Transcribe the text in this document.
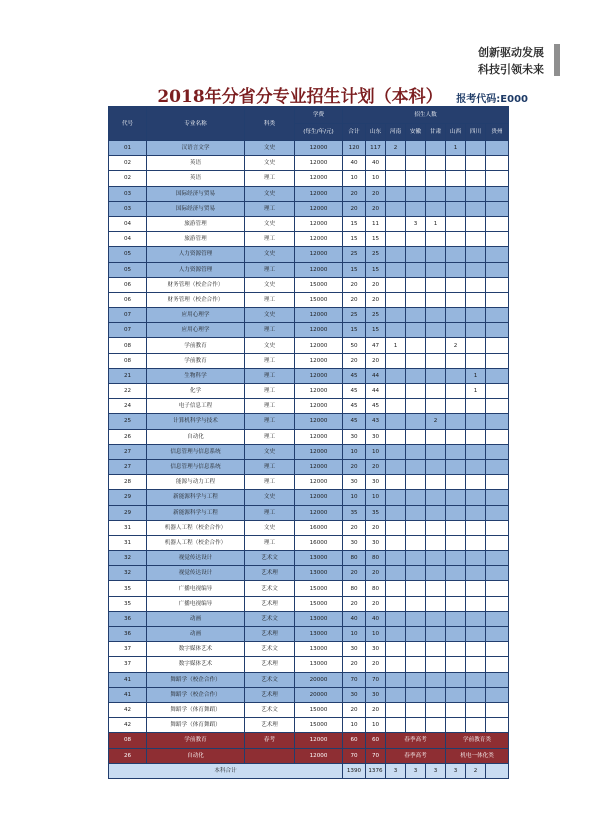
创新驱动发展
科技引领未来
2018年分省分专业招生计划（本科）	报考代码:E000
代号	专业名称	科类	学费	招生人数							
			(每生/年/元)	合计	山东	河南	安徽	甘肃	山西	四川	贵州
01	汉语言文学	文史	12000	120	117	2			1		
02	英语	文史	12000	40	40						
02	英语	理工	12000	10	10						
03	国际经济与贸易	文史	12000	20	20						
03	国际经济与贸易	理工	12000	20	20						
04	旅游管理	文史	12000	15	11		3	1			
04	旅游管理	理工	12000	15	15						
05	人力资源管理	文史	12000	25	25						
05	人力资源管理	理工	12000	15	15						
06	财务管理（校企合作）	文史	15000	20	20						
06	财务管理（校企合作）	理工	15000	20	20						
07	应用心理学	文史	12000	25	25						
07	应用心理学	理工	12000	15	15						
08	学前教育	文史	12000	50	47	1			2		
08	学前教育	理工	12000	20	20						
21	生物科学	理工	12000	45	44					1	
22	化学	理工	12000	45	44					1	
24	电子信息工程	理工	12000	45	45						
25	计算机科学与技术	理工	12000	45	43			2			
26	自动化	理工	12000	30	30						
27	信息管理与信息系统	文史	12000	10	10						
27	信息管理与信息系统	理工	12000	20	20						
28	能源与动力工程	理工	12000	30	30						
29	新能源科学与工程	文史	12000	10	10						
29	新能源科学与工程	理工	12000	35	35						
31	机器人工程（校企合作）	文史	16000	20	20						
31	机器人工程（校企合作）	理工	16000	30	30						
32	视觉传达设计	艺术文	13000	80	80						
32	视觉传达设计	艺术理	13000	20	20						
35	广播电视编导	艺术文	15000	80	80						
35	广播电视编导	艺术理	15000	20	20						
36	动画	艺术文	13000	40	40						
36	动画	艺术理	13000	10	10						
37	数字媒体艺术	艺术文	13000	30	30						
37	数字媒体艺术	艺术理	13000	20	20						
41	舞蹈学（校企合作）	艺术文	20000	70	70						
41	舞蹈学（校企合作）	艺术理	20000	30	30						
42	舞蹈学（体育舞蹈）	艺术文	15000	20	20						
42	舞蹈学（体育舞蹈）	艺术理	15000	10	10						
08	学前教育	春考	12000	60	60	春季高考			学前教育类		
26	自动化		12000	70	70	春季高考			机电一体化类		
本科合计				1390	1376	3	3	3	3	2	
